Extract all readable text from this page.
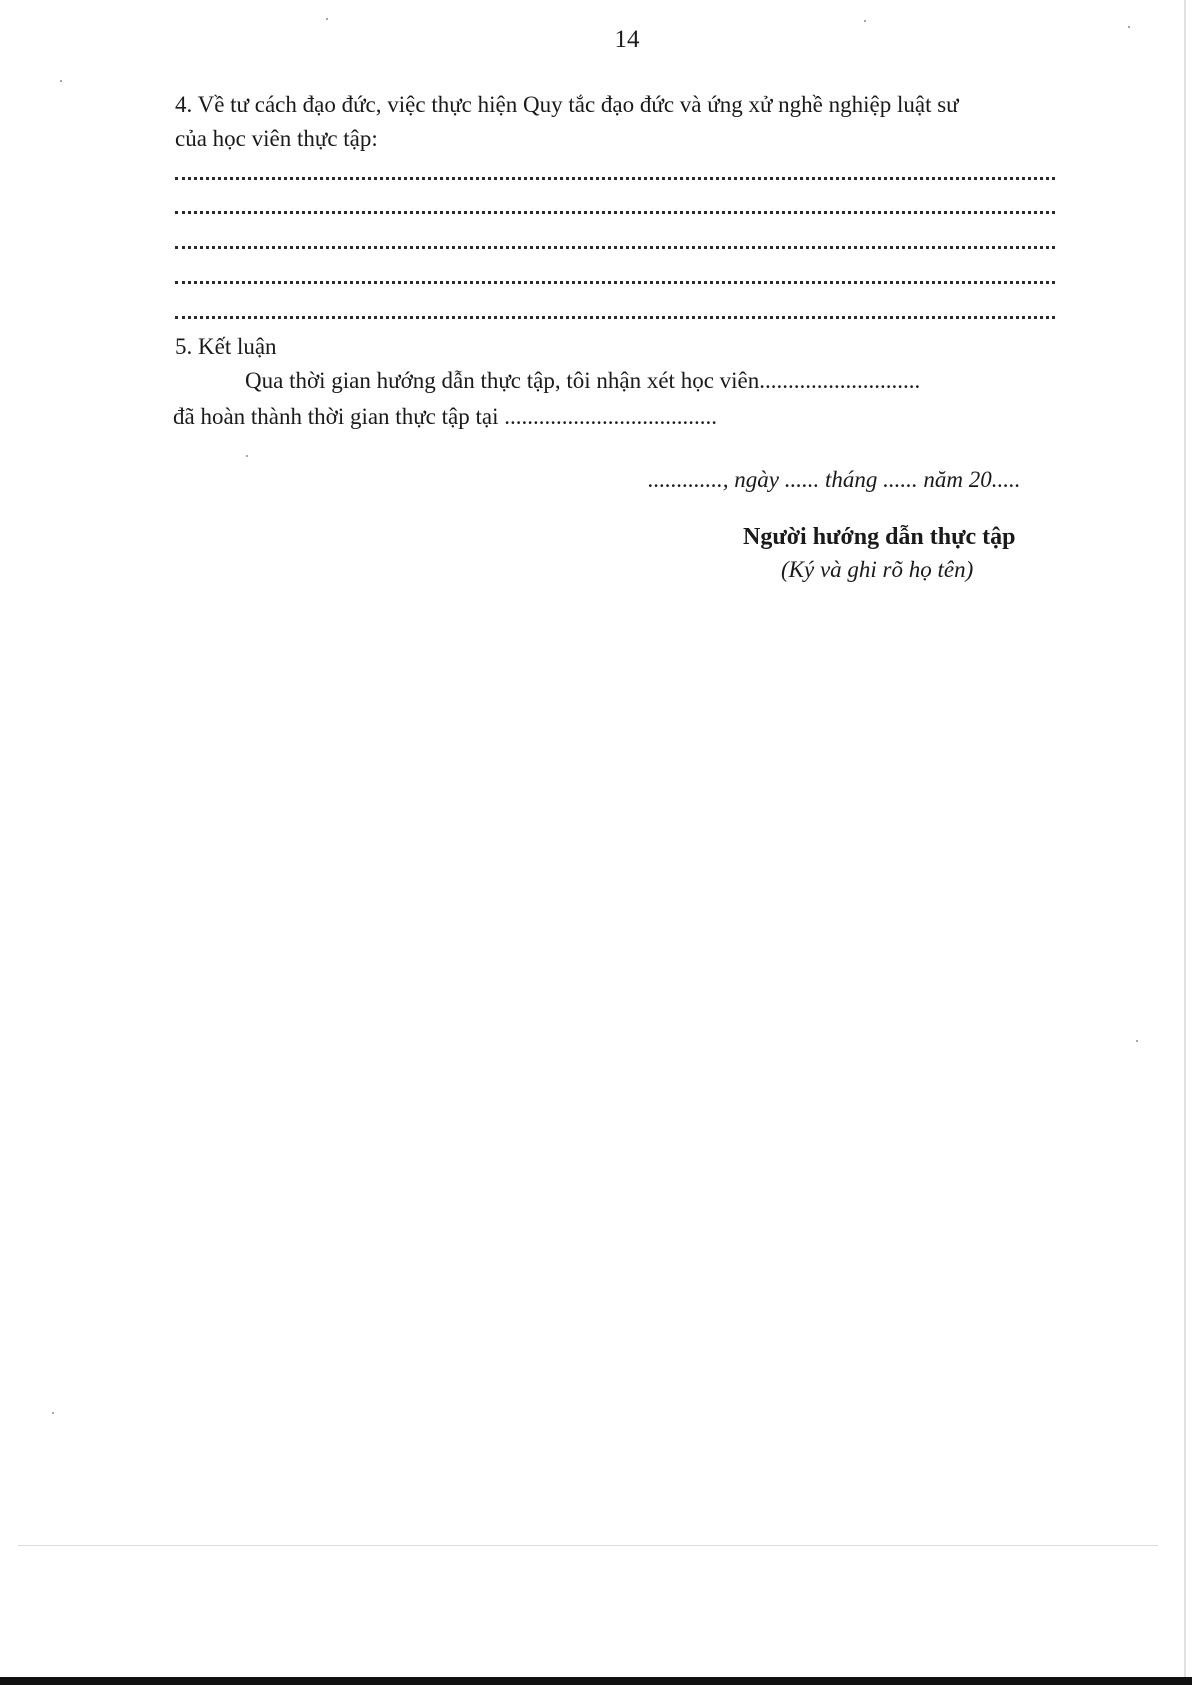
14
4. Về tư cách đạo đức, việc thực hiện Quy tắc đạo đức và ứng xử nghề nghiệp luật sư
của học viên thực tập:
5. Kết luận
Qua thời gian hướng dẫn thực tập, tôi nhận xét học viên............................
đã hoàn thành thời gian thực tập tại .....................................
............., ngày ...... tháng ...... năm 20.....
Người hướng dẫn thực tập
(Ký và ghi rõ họ tên)
